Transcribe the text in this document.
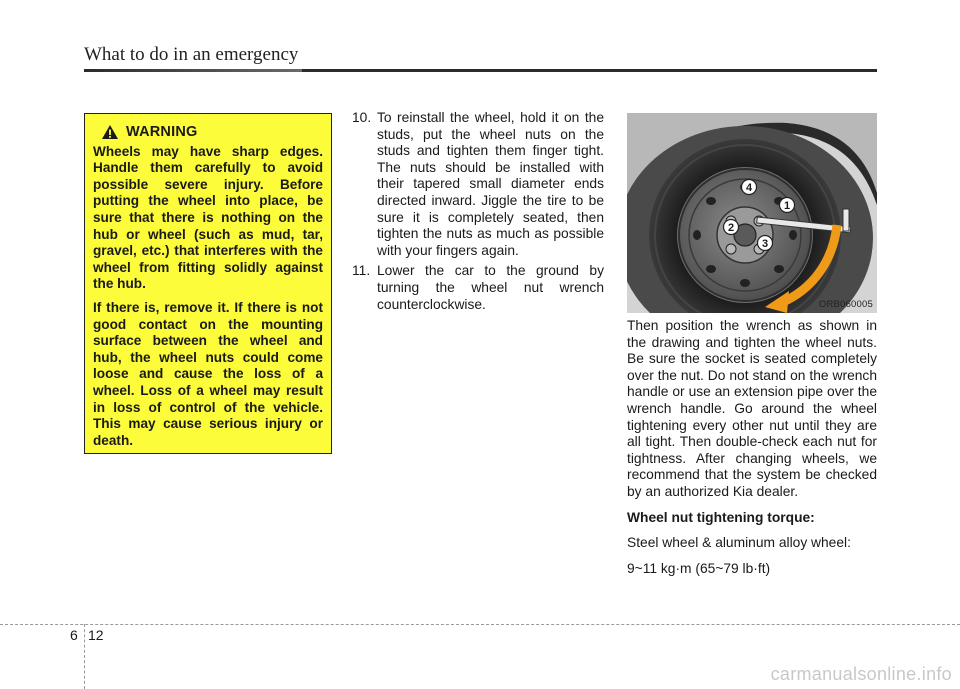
What to do in an emergency
WARNING

Wheels may have sharp edges. Handle them carefully to avoid possible severe injury. Before putting the wheel into place, be sure that there is nothing on the hub or wheel (such as mud, tar, gravel, etc.) that interferes with the wheel from fitting solidly against the hub.

If there is, remove it. If there is not good contact on the mounting surface between the wheel and hub, the wheel nuts could come loose and cause the loss of a wheel. Loss of a wheel may result in loss of control of the vehicle. This may cause serious injury or death.

10. To reinstall the wheel, hold it on the studs, put the wheel nuts on the studs and tighten them finger tight. The nuts should be installed with their tapered small diameter ends directed inward. Jiggle the tire to be sure it is completely seated, then tighten the nuts as much as possible with your fingers again.
11. Lower the car to the ground by turning the wheel nut wrench counterclockwise.
4
1
2
3
ORB060005

Then position the wrench as shown in the drawing and tighten the wheel nuts. Be sure the socket is seated completely over the nut. Do not stand on the wrench handle or use an extension pipe over the wrench handle. Go around the wheel tightening every other nut until they are all tight. Then double-check each nut for tightness. After changing wheels, we recommend that the system be checked by an authorized Kia dealer.

Wheel nut tightening torque:

Steel wheel & aluminum alloy wheel:

9~11 kg·m (65~79 lb·ft)

6 12
carmanualsonline.info
